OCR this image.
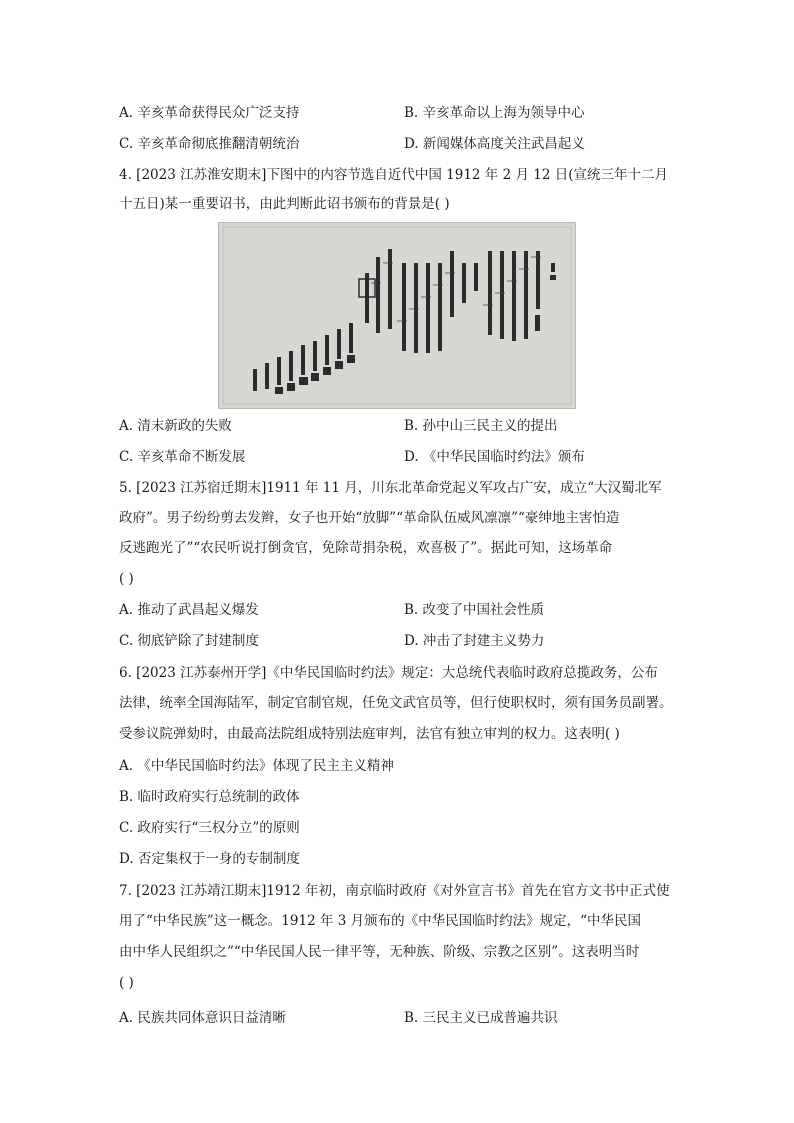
A. 辛亥革命获得民众广泛支持	B. 辛亥革命以上海为领导中心
C. 辛亥革命彻底推翻清朝统治	D. 新闻媒体高度关注武昌起义
4. [2023 江苏淮安期末]下图中的内容节选自近代中国 1912 年 2 月 12 日(宣统三年十二月
十五日)某一重要诏书，由此判断此诏书颁布的背景是( )
A. 清末新政的失败	B. 孙中山三民主义的提出
C. 辛亥革命不断发展	D. 《中华民国临时约法》颁布
5. [2023 江苏宿迁期末]1911 年 11 月，川东北革命党起义军攻占广安，成立“大汉蜀北军
政府”。男子纷纷剪去发辫，女子也开始“放脚”“革命队伍威风凛凛”“豪绅地主害怕造
反逃跑光了”“农民听说打倒贪官，免除苛捐杂税，欢喜极了”。据此可知，这场革命
( )
A. 推动了武昌起义爆发	B. 改变了中国社会性质
C. 彻底铲除了封建制度	D. 冲击了封建主义势力
6. [2023 江苏泰州开学]《中华民国临时约法》规定：大总统代表临时政府总揽政务，公布
法律，统率全国海陆军，制定官制官规，任免文武官员等，但行使职权时，须有国务员副署。
受参议院弹劾时，由最高法院组成特别法庭审判，法官有独立审判的权力。这表明( )
A. 《中华民国临时约法》体现了民主主义精神
B. 临时政府实行总统制的政体
C. 政府实行“三权分立”的原则
D. 否定集权于一身的专制制度
7. [2023 江苏靖江期末]1912 年初，南京临时政府《对外宣言书》首先在官方文书中正式使
用了“中华民族”这一概念。1912 年 3 月颁布的《中华民国临时约法》规定，“中华民国
由中华人民组织之”“中华民国人民一律平等，无种族、阶级、宗教之区别”。这表明当时
( )
A. 民族共同体意识日益清晰	B. 三民主义已成普遍共识
